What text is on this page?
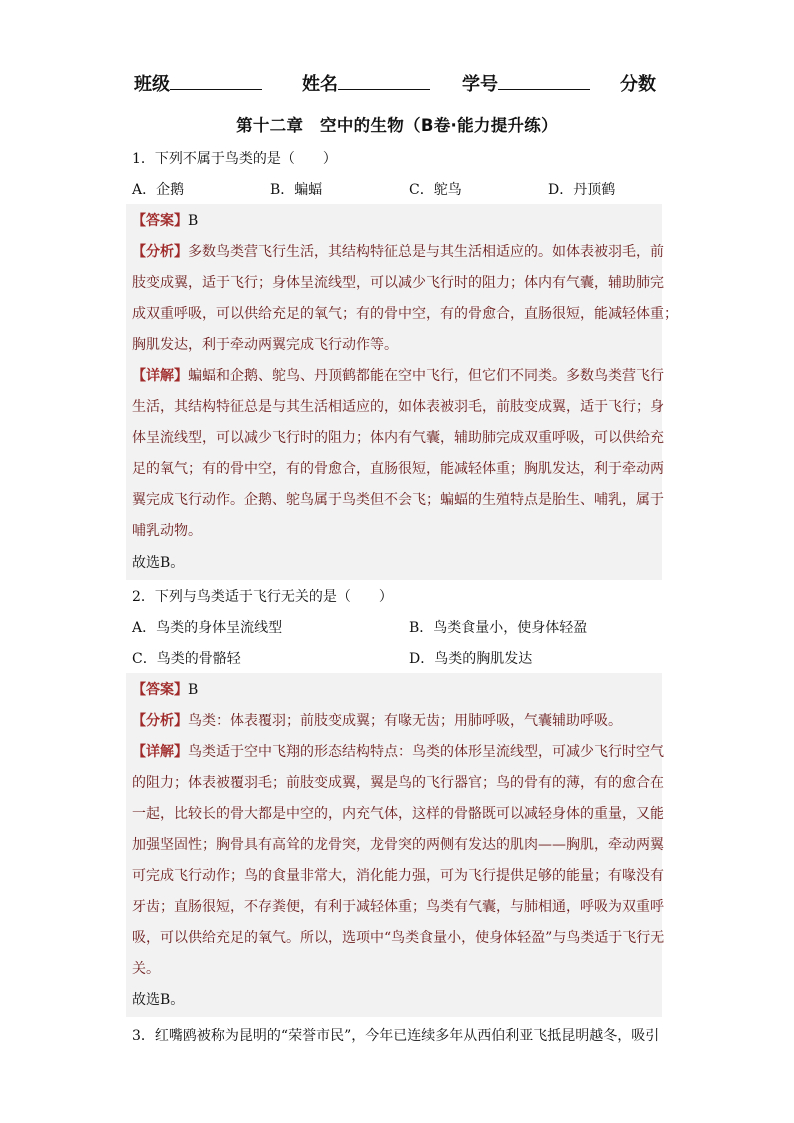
班级	姓名	学号	分数
第十二章　空中的生物（B卷·能力提升练）
1．下列不属于鸟类的是（　　）
A．企鹅	B．蝙蝠	C．鸵鸟	D．丹顶鹤
【答案】B
【分析】多数鸟类营飞行生活，其结构特征总是与其生活相适应的。如体表被羽毛，前
肢变成翼，适于飞行；身体呈流线型，可以减少飞行时的阻力；体内有气囊，辅助肺完
成双重呼吸，可以供给充足的氧气；有的骨中空，有的骨愈合，直肠很短，能减轻体重；
胸肌发达，利于牵动两翼完成飞行动作等。
【详解】蝙蝠和企鹅、鸵鸟、丹顶鹤都能在空中飞行，但它们不同类。多数鸟类营飞行
生活，其结构特征总是与其生活相适应的，如体表被羽毛，前肢变成翼，适于飞行；身
体呈流线型，可以减少飞行时的阻力；体内有气囊，辅助肺完成双重呼吸，可以供给充
足的氧气；有的骨中空，有的骨愈合，直肠很短，能减轻体重；胸肌发达，利于牵动两
翼完成飞行动作。企鹅、鸵鸟属于鸟类但不会飞；蝙蝠的生殖特点是胎生、哺乳，属于
哺乳动物。
故选B。
2．下列与鸟类适于飞行无关的是（　　）
A．鸟类的身体呈流线型	B．鸟类食量小，使身体轻盈
C．鸟类的骨骼轻	D．鸟类的胸肌发达
【答案】B
【分析】鸟类：体表覆羽；前肢变成翼；有喙无齿；用肺呼吸，气囊辅助呼吸。
【详解】鸟类适于空中飞翔的形态结构特点：鸟类的体形呈流线型，可减少飞行时空气
的阻力；体表被覆羽毛；前肢变成翼，翼是鸟的飞行器官；鸟的骨有的薄，有的愈合在
一起，比较长的骨大都是中空的，内充气体，这样的骨骼既可以减轻身体的重量，又能
加强坚固性；胸骨具有高耸的龙骨突，龙骨突的两侧有发达的肌肉——胸肌，牵动两翼
可完成飞行动作；鸟的食量非常大，消化能力强，可为飞行提供足够的能量；有喙没有
牙齿；直肠很短，不存粪便，有利于减轻体重；鸟类有气囊，与肺相通，呼吸为双重呼
吸，可以供给充足的氧气。所以，选项中“鸟类食量小，使身体轻盈”与鸟类适于飞行无
关。
故选B。
3．红嘴鸥被称为昆明的“荣誉市民”，今年已连续多年从西伯利亚飞抵昆明越冬，吸引
